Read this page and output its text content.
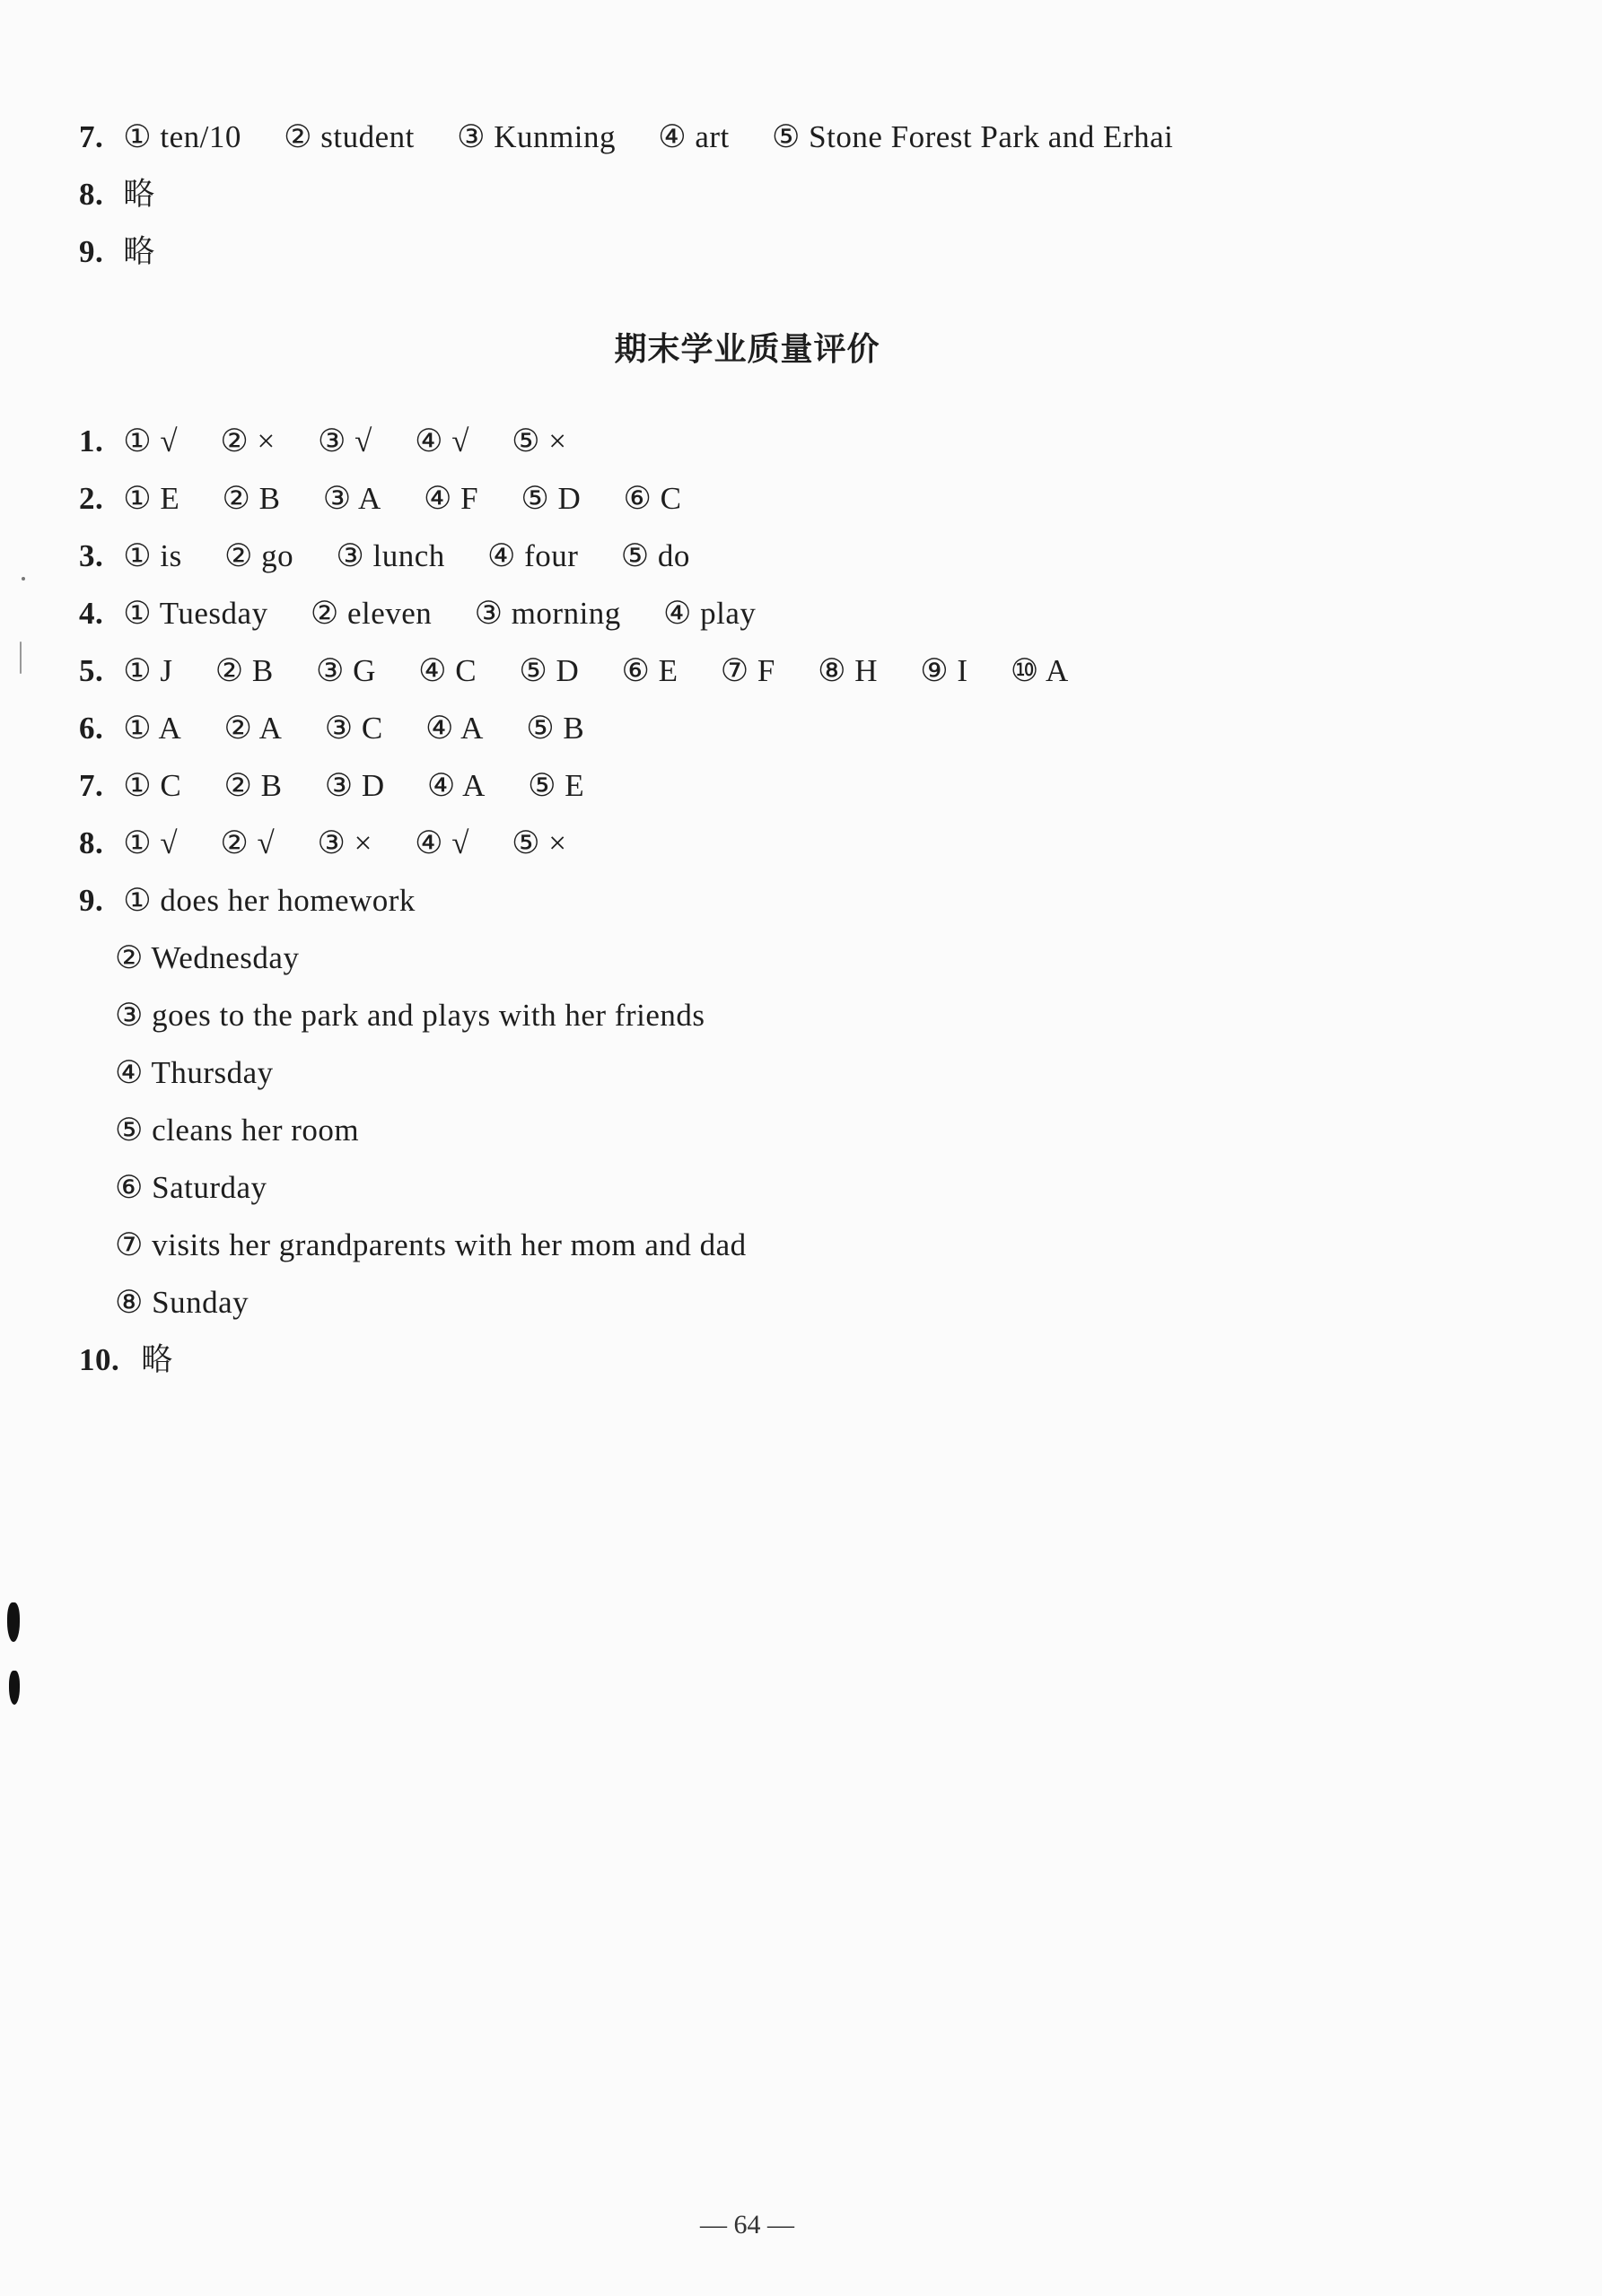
7. ① ten/10 ② student ③ Kunming ④ art ⑤ Stone Forest Park and Erhai
8. 略
9. 略
期末学业质量评价
1. ① √ ② × ③ √ ④ √ ⑤ ×
2. ① E ② B ③ A ④ F ⑤ D ⑥ C
3. ① is ② go ③ lunch ④ four ⑤ do
4. ① Tuesday ② eleven ③ morning ④ play
5. ① J ② B ③ G ④ C ⑤ D ⑥ E ⑦ F ⑧ H ⑨ I ⑩ A
6. ① A ② A ③ C ④ A ⑤ B
7. ① C ② B ③ D ④ A ⑤ E
8. ① √ ② √ ③ × ④ √ ⑤ ×
9. ① does her homework
② Wednesday
③ goes to the park and plays with her friends
④ Thursday
⑤ cleans her room
⑥ Saturday
⑦ visits her grandparents with her mom and dad
⑧ Sunday
10. 略
— 64 —
